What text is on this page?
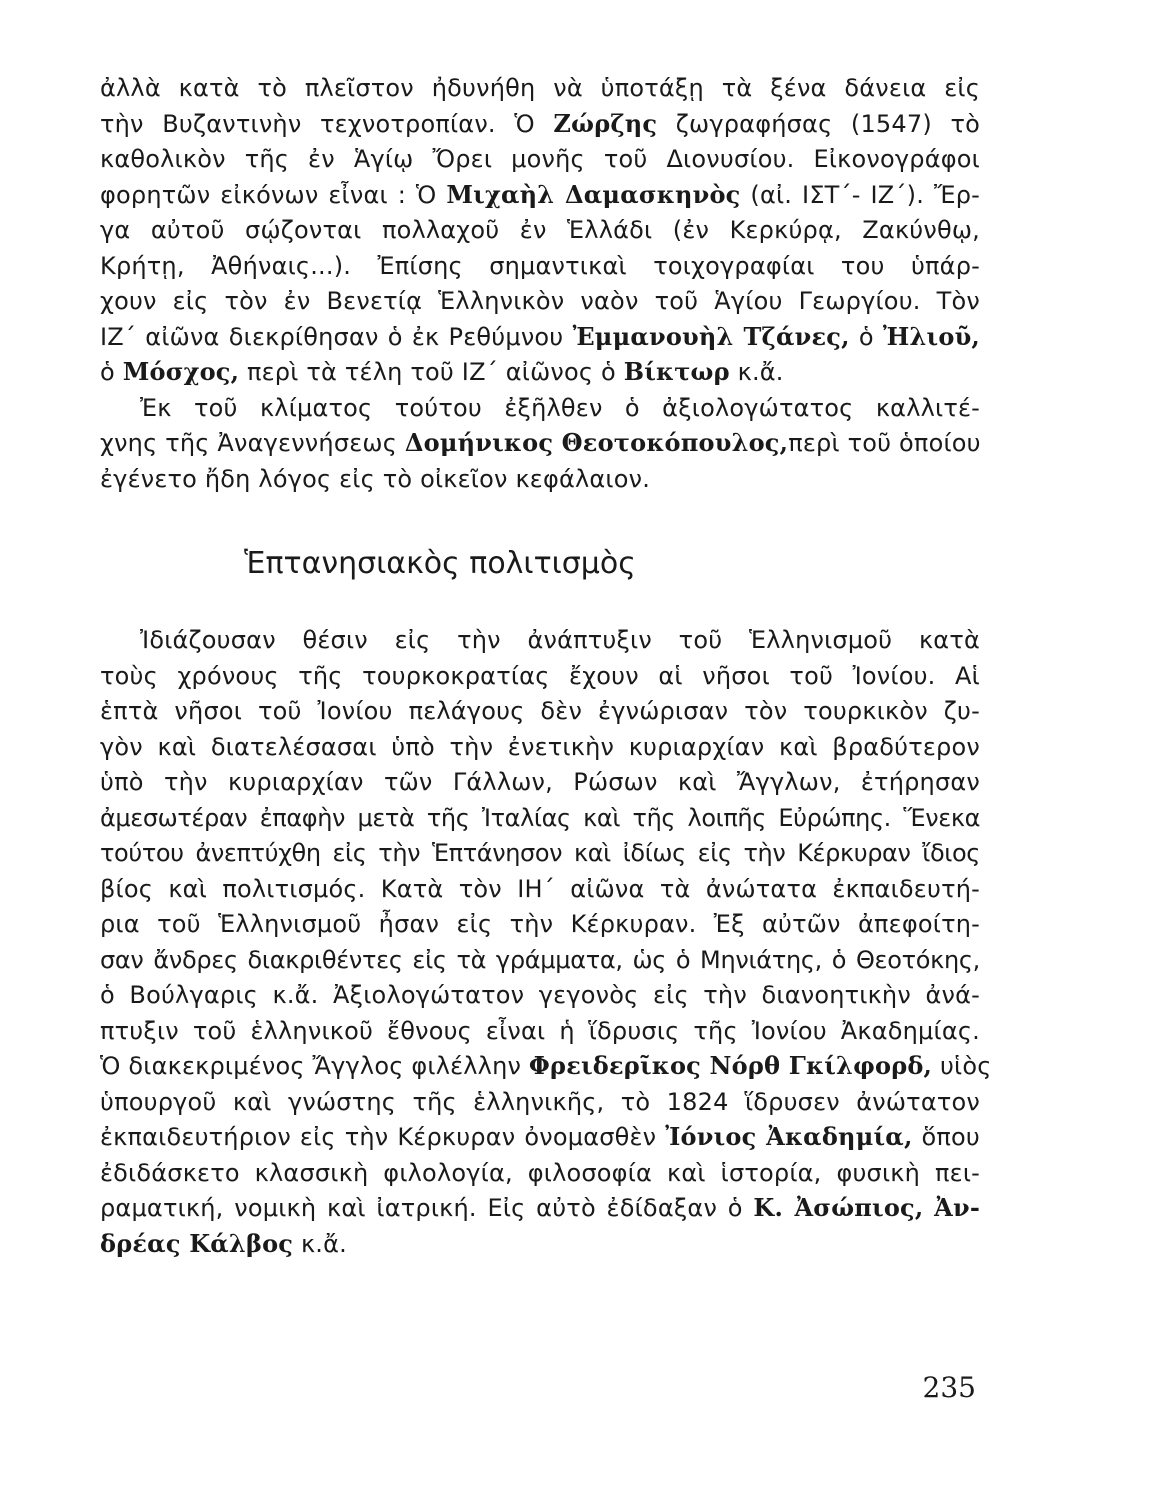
ἀλλὰ κατὰ τὸ πλεῖστον ἠδυνήθη νὰ ὑποτάξῃ τὰ ξένα δάνεια εἰς
τὴν Βυζαντινὴν τεχνοτροπίαν. Ὁ Ζώρζης ζωγραφήσας (1547) τὸ
καθολικὸν τῆς ἐν Ἁγίῳ Ὄρει μονῆς τοῦ Διονυσίου. Εἰκονογράφοι
φορητῶν εἰκόνων εἶναι : Ὁ Μιχαὴλ Δαμασκηνὸς (αἰ. ΙΣΤ΄- ΙΖ΄). Ἔρ-
γα αὐτοῦ σῴζονται πολλαχοῦ ἐν Ἑλλάδι (ἐν Κερκύρᾳ, Ζακύνθῳ,
Κρήτῃ, Ἀθήναις...). Ἐπίσης σημαντικαὶ τοιχογραφίαι του ὑπάρ-
χουν εἰς τὸν ἐν Βενετίᾳ Ἑλληνικὸν ναὸν τοῦ Ἁγίου Γεωργίου. Τὸν
ΙΖ΄ αἰῶνα διεκρίθησαν ὁ ἐκ Ρεθύμνου Ἐμμανουὴλ Τζάνες, ὁ Ἠλιοῦ,
ὁ Μόσχος, περὶ τὰ τέλη τοῦ ΙΖ΄ αἰῶνος ὁ Βίκτωρ κ.ἄ.
Ἐκ τοῦ κλίματος τούτου ἐξῆλθεν ὁ ἀξιολογώτατος καλλιτέ-
χνης τῆς Ἀναγεννήσεως Δομήνικος Θεοτοκόπουλος,περὶ τοῦ ὁποίου
ἐγένετο ἤδη λόγος εἰς τὸ οἰκεῖον κεφάλαιον.
Ἑπτανησιακὸς πολιτισμὸς
Ἰδιάζουσαν θέσιν εἰς τὴν ἀνάπτυξιν τοῦ Ἑλληνισμοῦ κατὰ
τοὺς χρόνους τῆς τουρκοκρατίας ἔχουν αἱ νῆσοι τοῦ Ἰονίου. Αἱ
ἑπτὰ νῆσοι τοῦ Ἰονίου πελάγους δὲν ἐγνώρισαν τὸν τουρκικὸν ζυ-
γὸν καὶ διατελέσασαι ὑπὸ τὴν ἐνετικὴν κυριαρχίαν καὶ βραδύτερον
ὑπὸ τὴν κυριαρχίαν τῶν Γάλλων, Ρώσων καὶ Ἄγγλων, ἐτήρησαν
ἀμεσωτέραν ἐπαφὴν μετὰ τῆς Ἰταλίας καὶ τῆς λοιπῆς Εὐρώπης. Ἕνεκα
τούτου ἀνεπτύχθη εἰς τὴν Ἑπτάνησον καὶ ἰδίως εἰς τὴν Κέρκυραν ἴδιος
βίος καὶ πολιτισμός. Κατὰ τὸν ΙΗ΄ αἰῶνα τὰ ἀνώτατα ἐκπαιδευτή-
ρια τοῦ Ἑλληνισμοῦ ἦσαν εἰς τὴν Κέρκυραν. Ἐξ αὐτῶν ἀπεφοίτη-
σαν ἄνδρες διακριθέντες εἰς τὰ γράμματα, ὡς ὁ Μηνιάτης, ὁ Θεοτόκης,
ὁ Βούλγαρις κ.ἄ. Ἀξιολογώτατον γεγονὸς εἰς τὴν διανοητικὴν ἀνά-
πτυξιν τοῦ ἑλληνικοῦ ἔθνους εἶναι ἡ ἵδρυσις τῆς Ἰονίου Ἀκαδημίας.
Ὁ διακεκριμένος Ἄγγλος φιλέλλην Φρειδερῖκος Νόρθ Γκίλφορδ, υἱὸς
ὑπουργοῦ καὶ γνώστης τῆς ἑλληνικῆς, τὸ 1824 ἵδρυσεν ἀνώτατον
ἐκπαιδευτήριον εἰς τὴν Κέρκυραν ὀνομασθὲν Ἰόνιος Ἀκαδημία, ὅπου
ἐδιδάσκετο κλασσικὴ φιλολογία, φιλοσοφία καὶ ἱστορία, φυσικὴ πει-
ραματική, νομικὴ καὶ ἰατρική. Εἰς αὐτὸ ἐδίδαξαν ὁ Κ. Ἀσώπιος, Ἀν-
δρέας Κάλβος κ.ἄ.
235
